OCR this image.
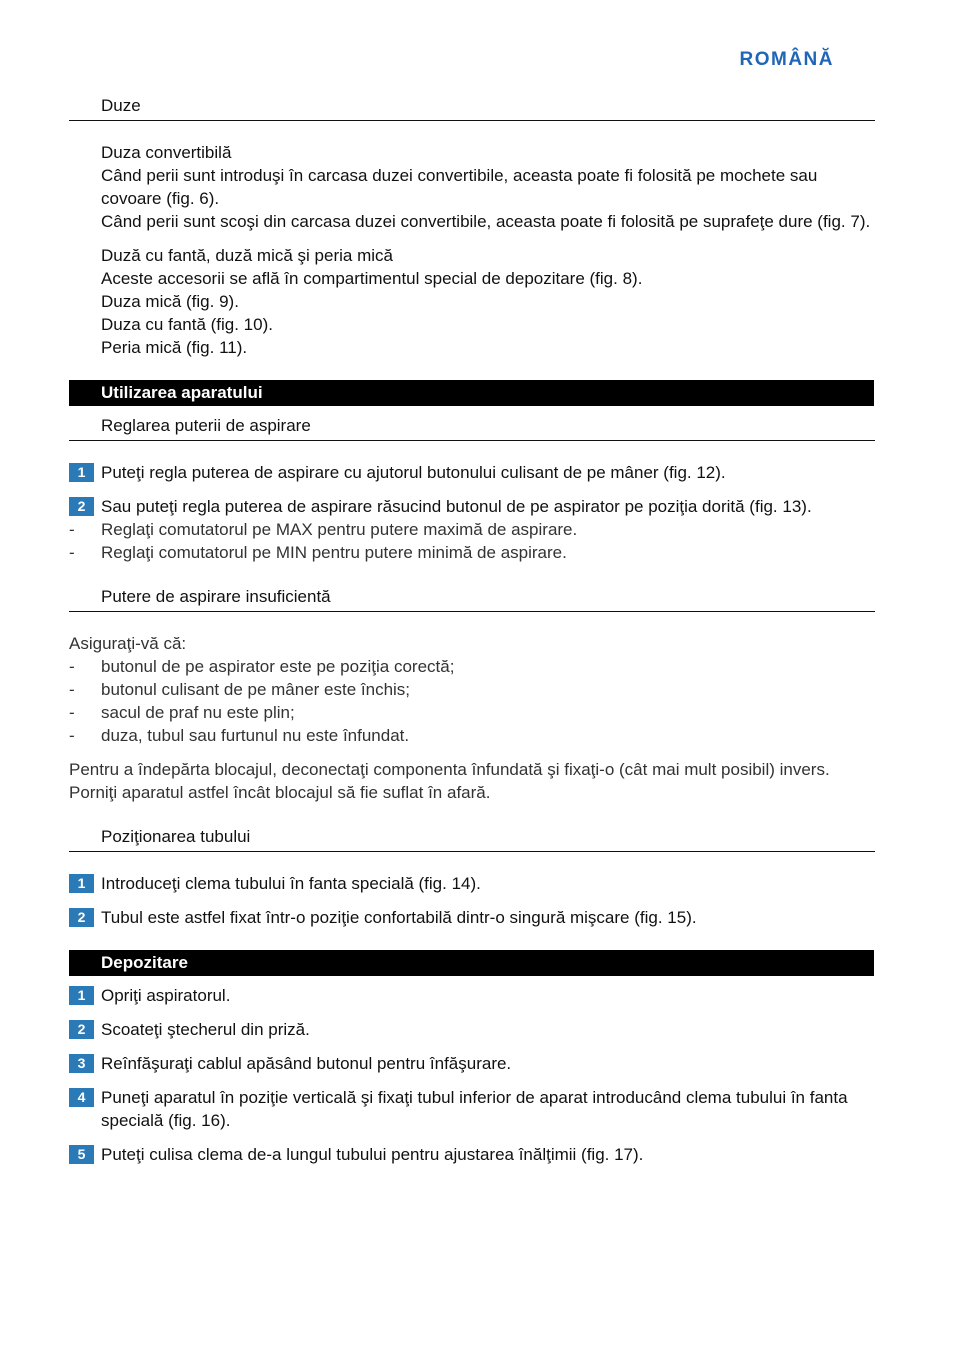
ROMÂNĂ
Duze
Duza convertibilă
Când perii sunt introduşi în carcasa duzei convertibile, aceasta poate fi folosită pe mochete sau covoare (fig. 6).
Când perii sunt scoşi din carcasa duzei convertibile, aceasta poate fi folosită pe suprafeţe dure (fig. 7).
Duză cu fantă, duză mică şi peria mică
Aceste accesorii se află în compartimentul special de depozitare (fig. 8).
Duza mică (fig. 9).
Duza cu fantă (fig. 10).
Peria mică (fig. 11).
Utilizarea aparatului
Reglarea puterii de aspirare
1 Puteţi regla puterea de aspirare cu ajutorul butonului culisant de pe mâner (fig. 12).
2 Sau puteţi regla puterea de aspirare răsucind butonul de pe aspirator pe poziţia dorită (fig. 13).
- Reglaţi comutatorul pe MAX pentru putere maximă de aspirare.
- Reglaţi comutatorul pe MIN pentru putere minimă de aspirare.
Putere de aspirare insuficientă
Asiguraţi-vă că:
- butonul de pe aspirator este pe poziţia corectă;
- butonul culisant de pe mâner este închis;
- sacul de praf nu este plin;
- duza, tubul sau furtunul nu este înfundat.
Pentru a îndepărta blocajul, deconectaţi componenta înfundată şi fixaţi-o (cât mai mult posibil) invers. Porniţi aparatul astfel încât blocajul să fie suflat în afară.
Poziţionarea tubului
1 Introduceţi clema tubului în fanta specială (fig. 14).
2 Tubul este astfel fixat într-o poziţie confortabilă dintr-o singură mişcare (fig. 15).
Depozitare
1 Opriţi aspiratorul.
2 Scoateţi ştecherul din priză.
3 Reînfăşuraţi cablul apăsând butonul pentru înfăşurare.
4 Puneţi aparatul în poziţie verticală şi fixaţi tubul inferior de aparat introducând clema tubului în fanta specială (fig. 16).
5 Puteţi culisa clema de-a lungul tubului pentru ajustarea înălţimii (fig. 17).
